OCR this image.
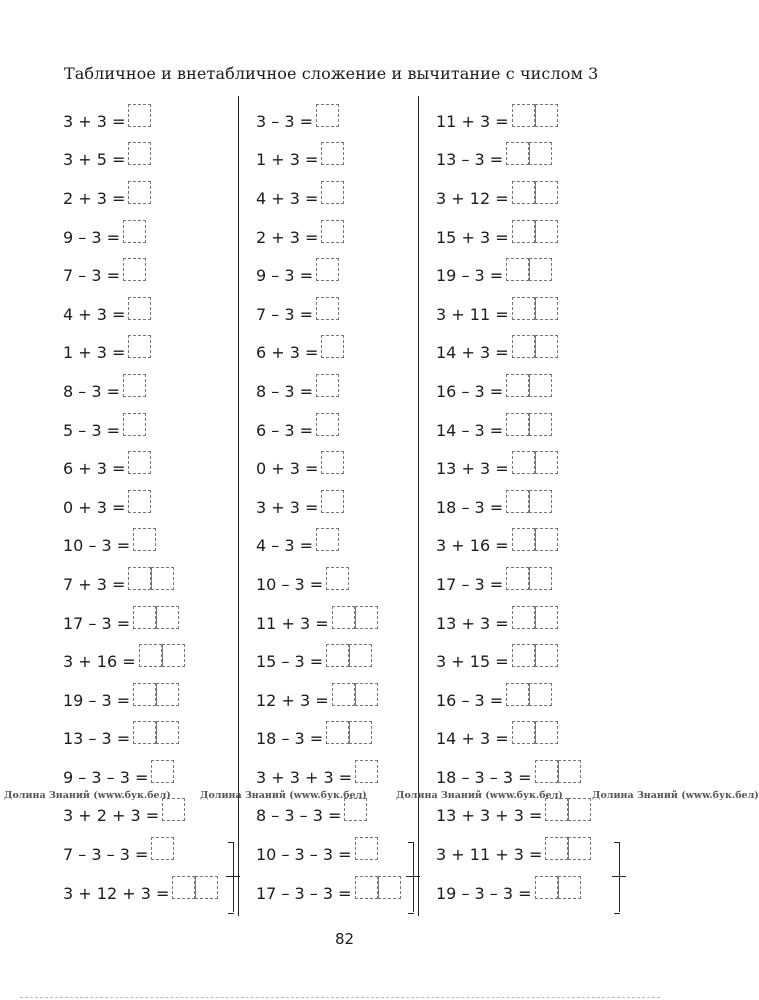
Табличное и внетабличное сложение и вычитание с числом 3
3 + 3 =
3 + 5 =
2 + 3 =
9 – 3 =
7 – 3 =
4 + 3 =
1 + 3 =
8 – 3 =
5 – 3 =
6 + 3 =
0 + 3 =
10 – 3 =
7 + 3 =
17 – 3 =
3 + 16 =
19 – 3 =
13 – 3 =
9 – 3 – 3 =
3 + 2 + 3 =
7 – 3 – 3 =
3 + 12 + 3 =
3 – 3 =
1 + 3 =
4 + 3 =
2 + 3 =
9 – 3 =
7 – 3 =
6 + 3 =
8 – 3 =
6 – 3 =
0 + 3 =
3 + 3 =
4 – 3 =
10 – 3 =
11 + 3 =
15 – 3 =
12 + 3 =
18 – 3 =
3 + 3 + 3 =
8 – 3 – 3 =
10 – 3 – 3 =
17 – 3 – 3 =
11 + 3 =
13 – 3 =
3 + 12 =
15 + 3 =
19 – 3 =
3 + 11 =
14 + 3 =
16 – 3 =
14 – 3 =
13 + 3 =
18 – 3 =
3 + 16 =
17 – 3 =
13 + 3 =
3 + 15 =
16 – 3 =
14 + 3 =
18 – 3 – 3 =
13 + 3 + 3 =
3 + 11 + 3 =
19 – 3 – 3 =
Долина Знаний (www.бук.бел)	Долина Знаний (www.бук.бел)	Долина Знаний (www.бук.бел)	Долина Знаний (www.бук.бел)
82
